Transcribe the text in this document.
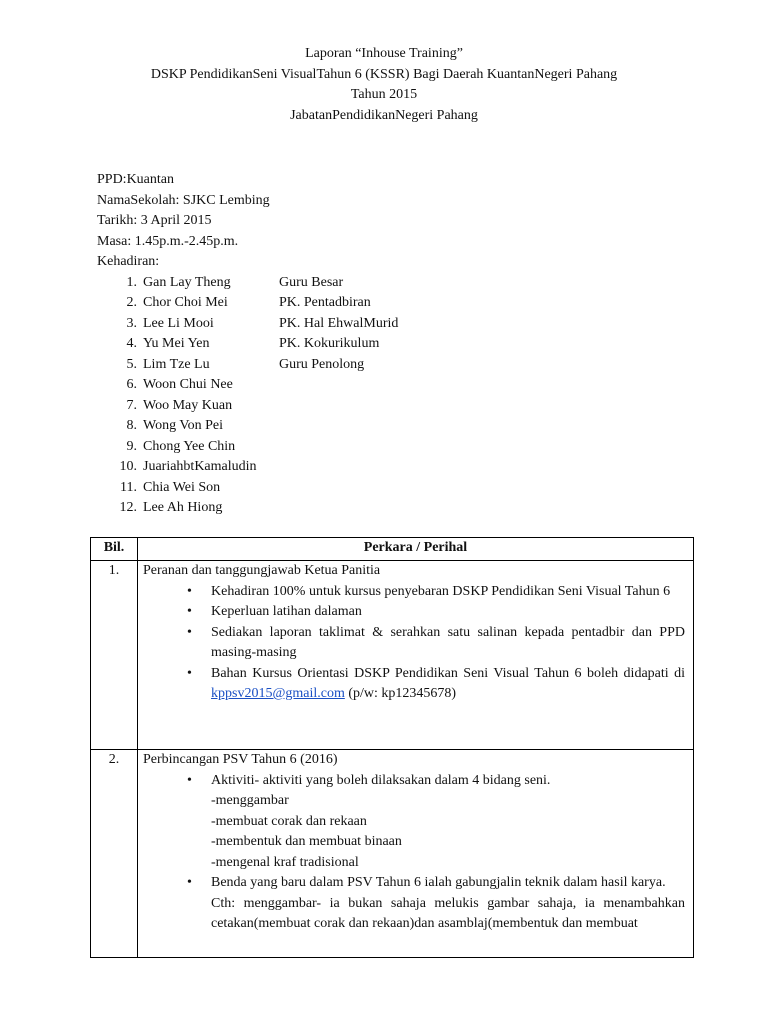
Laporan “Inhouse Training”
DSKP PendidikanSeni VisualTahun 6 (KSSR) Bagi Daerah KuantanNegeri Pahang
Tahun 2015
JabatanPendidikanNegeri Pahang
PPD:Kuantan
NamaSekolah: SJKC Lembing
Tarikh: 3 April 2015
Masa: 1.45p.m.-2.45p.m.
Kehadiran:
1. Gan Lay Theng	Guru Besar
2. Chor Choi Mei	PK. Pentadbiran
3. Lee Li Mooi	PK. Hal EhwalMurid
4. Yu Mei Yen	PK. Kokurikulum
5. Lim Tze Lu	Guru Penolong
6. Woon Chui Nee
7. Woo May Kuan
8. Wong Von Pei
9. Chong Yee Chin
10. JuariahbtKamaludin
11. Chia Wei Son
12. Lee Ah Hiong
Bil.	Perkara / Perihal
1.	Peranan dan tanggungjawab Ketua Panitia
• Kehadiran 100% untuk kursus penyebaran DSKP Pendidikan Seni Visual Tahun 6
• Keperluan latihan dalaman
• Sediakan laporan taklimat & serahkan satu salinan kepada pentadbir dan PPD masing-masing
• Bahan Kursus Orientasi DSKP Pendidikan Seni Visual Tahun 6 boleh didapati di kppsv2015@gmail.com (p/w: kp12345678)
2.	Perbincangan PSV Tahun 6 (2016)
• Aktiviti- aktiviti yang boleh dilaksakan dalam 4 bidang seni.
-menggambar
-membuat corak dan rekaan
-membentuk dan membuat binaan
-mengenal kraf tradisional
• Benda yang baru dalam PSV Tahun 6 ialah gabungjalin teknik dalam hasil karya.
Cth: menggambar- ia bukan sahaja melukis gambar sahaja, ia menambahkan cetakan(membuat corak dan rekaan)dan asamblaj(membentuk dan membuat
